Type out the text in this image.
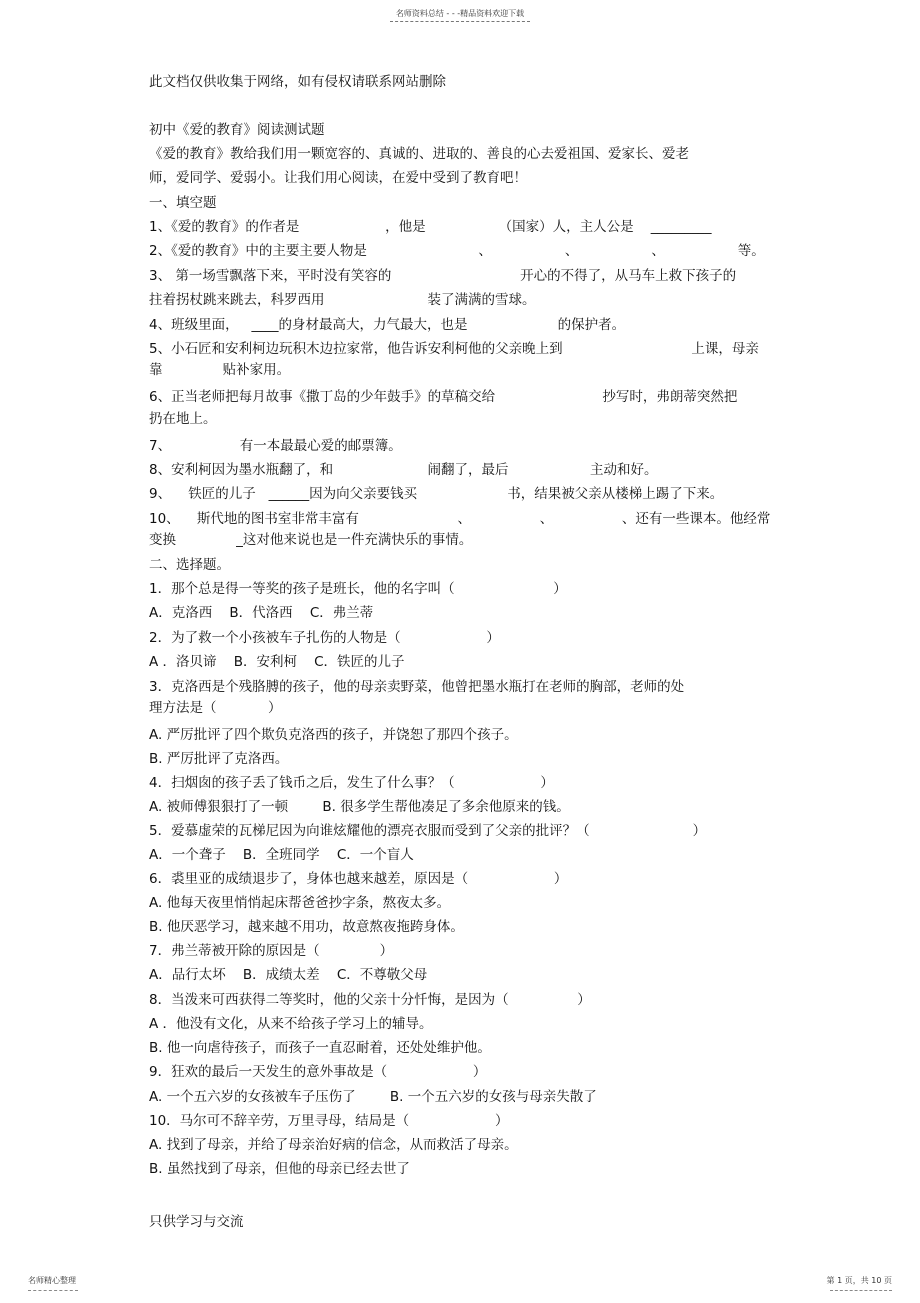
名师资料总结 - - -精品资料欢迎下载
此文档仅供收集于网络，如有侵权请联系网站删除
初中《爱的教育》阅读测试题
《爱的教育》教给我们用一颗宽容的、真诚的、进取的、善良的心去爱祖国、爱家长、爱老
师，爱同学、爱弱小。让我们用心阅读，在爱中受到了教育吧！
一、填空题
1、《爱的教育》的作者是                    ，他是                 （国家）人，主人公是    _________
2、《爱的教育》中的主要主要人物是                          、                 、                 、                 等。
3、 第一场雪飘落下来，平时没有笑容的                              开心的不得了，从马车上救下孩子的
拄着拐杖跳来跳去，科罗西用                        装了满满的雪球。
4、班级里面，   ____的身材最高大，力气最大，也是                     的保护者。
5、小石匠和安利柯边玩积木边拉家常，他告诉安利柯他的父亲晚上到                              上课，母亲
靠              贴补家用。
6、正当老师把每月故事《撒丁岛的少年鼓手》的草稿交给                         抄写时，弗朗蒂突然把
扔在地上。
7、                有一本最最心爱的邮票簿。
8、安利柯因为墨水瓶翻了，和                      闹翻了，最后                   主动和好。
9、    铁匠的儿子   ______因为向父亲要钱买                     书，结果被父亲从楼梯上踢了下来。
10、    斯代地的图书室非常丰富有                       、                、                、还有一些课本。他经常
变换              _这对他来说也是一件充满快乐的事情。
二、选择题。
1．那个总是得一等奖的孩子是班长，他的名字叫（                       ）
A．克洛西    B．代洛西    C．弗兰蒂
2．为了救一个小孩被车子扎伤的人物是（                    ）
A ．洛贝谛    B．安利柯    C．铁匠的儿子
3．克洛西是个残胳膊的孩子，他的母亲卖野菜，他曾把墨水瓶打在老师的胸部，老师的处
理方法是（            ）
A. 严厉批评了四个欺负克洛西的孩子，并饶恕了那四个孩子。
B. 严厉批评了克洛西。
4．扫烟囱的孩子丢了钱币之后，发生了什么事？（                    ）
A. 被师傅狠狠打了一顿        B. 很多学生帮他凑足了多余他原来的钱。
5．爱慕虚荣的瓦梯尼因为向谁炫耀他的漂亮衣服而受到了父亲的批评？（                        ）
A．一个聋子    B．全班同学    C．一个盲人
6．裘里亚的成绩退步了，身体也越来越差，原因是（                    ）
A. 他每天夜里悄悄起床帮爸爸抄字条，熬夜太多。
B. 他厌恶学习，越来越不用功，故意熬夜拖跨身体。
7．弗兰蒂被开除的原因是（              ）
A．品行太坏    B．成绩太差    C．不尊敬父母
8．当泼来可西获得二等奖时，他的父亲十分忏悔，是因为（                ）
A ．他没有文化，从来不给孩子学习上的辅导。
B. 他一向虐待孩子，而孩子一直忍耐着，还处处维护他。
9．狂欢的最后一天发生的意外事故是（                    ）
A. 一个五六岁的女孩被车子压伤了        B. 一个五六岁的女孩与母亲失散了
10．马尔可不辞辛劳，万里寻母，结局是（                    ）
A. 找到了母亲，并给了母亲治好病的信念，从而救活了母亲。
B. 虽然找到了母亲，但他的母亲已经去世了
只供学习与交流
名师精心整理	第 1 页，共 10 页
